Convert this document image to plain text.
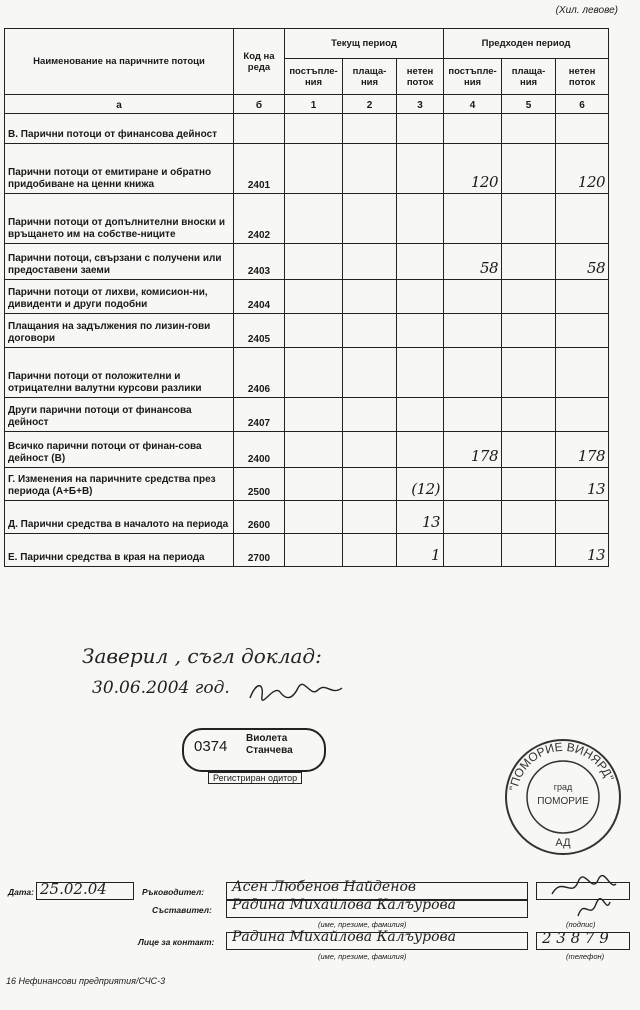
(Хил. левове)
Наименование на паричните потоци	Код на реда	Текущ период			Предходен период		
		постъпле-ния	плаща-ния	нетен поток	постъпле-ния	плаща-ния	нетен поток
а	б	1	2	3	4	5	6
В. Парични потоци от финансова дейност							
Парични потоци от емитиране и обратно придобиване на ценни книжа	2401				120		120
Парични потоци от допълнителни вноски и връщането им на собстве-ниците	2402						
Парични потоци, свързани с получени или предоставени заеми	2403				58		58
Парични потоци от лихви, комисион-ни, дивиденти и други подобни	2404						
Плащания на задължения по лизин-гови договори	2405						
Парични потоци от положителни и отрицателни валутни курсови разлики	2406						
Други парични потоци от финансова дейност	2407						
Всичко парични потоци от финан-сова дейност (В)	2400				178		178
Г. Изменения на паричните средства през периода (А+Б+В)	2500			(12)			13
Д. Парични средства в началото на периода	2600			13			
Е. Парични средства в края на периода	2700			1			13
Заверил , съгл доклад:
30.06.2004 год.
0374 Виолета
Станчева
Регистриран одитор
"ПОМОРИЕ ВИНЯРД"
град
ПОМОРИЕ
АД
Дата: 25.02.04	Ръководител: Асен Любенов Найденов
Съставител: Радина Михайлова Калъурова
(име, презиме, фамилия)	(подпис)
Лице за контакт: Радина Михайлова Калъурова	2 3 8 7 9
(име, презиме, фамилия)	(телефон)
16 Нефинансови предприятия/СЧС-3
